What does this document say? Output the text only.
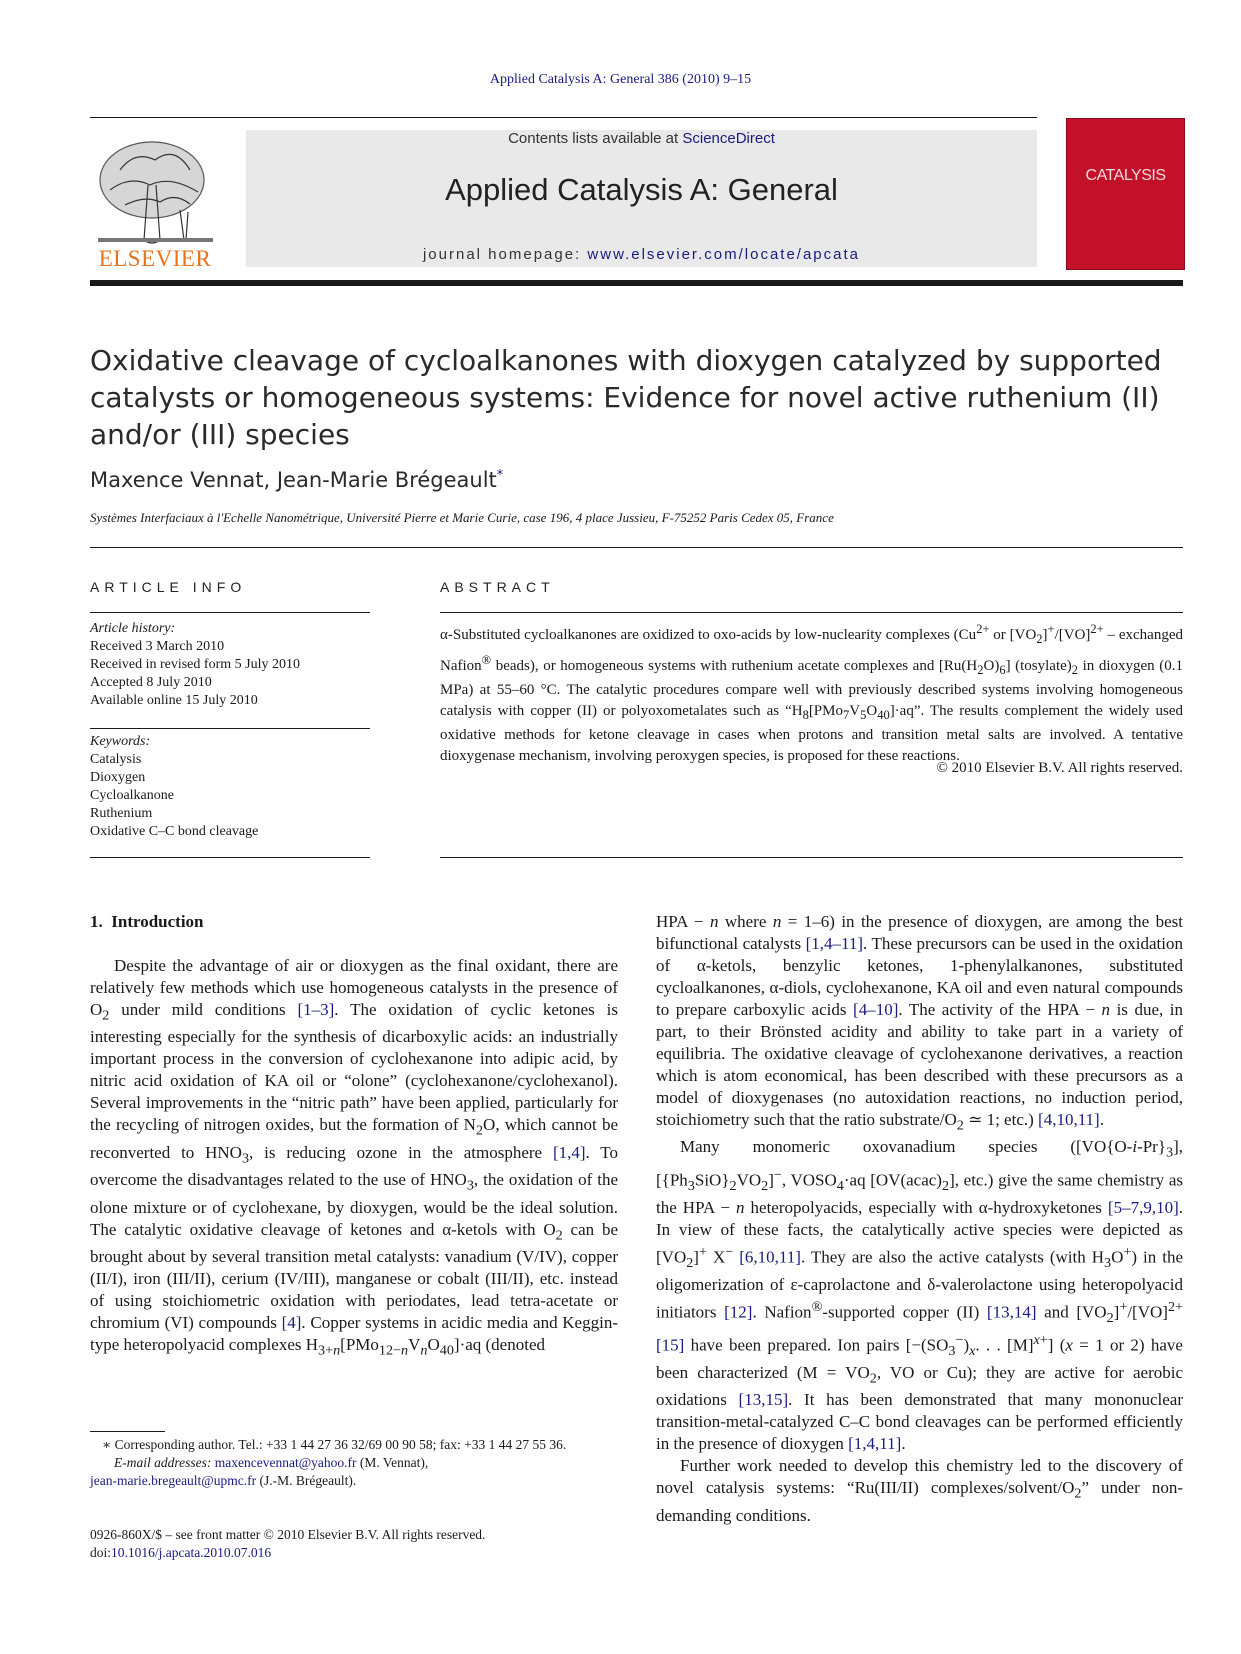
Applied Catalysis A: General 386 (2010) 9–15
ELSEVIER
Contents lists available at ScienceDirect
Applied Catalysis A: General
journal homepage: www.elsevier.com/locate/apcata
CATALYSIS
Oxidative cleavage of cycloalkanones with dioxygen catalyzed by supported catalysts or homogeneous systems: Evidence for novel active ruthenium (II) and/or (III) species
Maxence Vennat, Jean-Marie Brégeault*
Systèmes Interfaciaux à l'Echelle Nanométrique, Université Pierre et Marie Curie, case 196, 4 place Jussieu, F-75252 Paris Cedex 05, France
ARTICLE INFO	ABSTRACT
Article history:
Received 3 March 2010
Received in revised form 5 July 2010
Accepted 8 July 2010
Available online 15 July 2010
Keywords:
Catalysis
Dioxygen
Cycloalkanone
Ruthenium
Oxidative C–C bond cleavage
α-Substituted cycloalkanones are oxidized to oxo-acids by low-nuclearity complexes ($Cu^{2+}$ or $[VO_2]^+/[VO]^{2+}$ – exchanged Nafion® beads), or homogeneous systems with ruthenium acetate complexes and $[Ru(H_2O)_6]$ $(tosylate)_2$ in dioxygen (0.1 MPa) at 55–60 °C. The catalytic procedures compare well with previously described systems involving homogeneous catalysis with copper (II) or polyoxometalates such as “$H_8[PMo_7V_5O_{40}]\cdot aq$”. The results complement the widely used oxidative methods for ketone cleavage in cases when protons and transition metal salts are involved. A tentative dioxygenase mechanism, involving peroxygen species, is proposed for these reactions.
© 2010 Elsevier B.V. All rights reserved.

1. Introduction

Despite the advantage of air or dioxygen as the final oxidant, there are relatively few methods which use homogeneous catalysts in the presence of $O_2$ under mild conditions [1–3]. The oxidation of cyclic ketones is interesting especially for the synthesis of dicarboxylic acids: an industrially important process in the conversion of cyclohexanone into adipic acid, by nitric acid oxidation of KA oil or “olone” (cyclohexanone/cyclohexanol). Several improvements in the “nitric path” have been applied, particularly for the recycling of nitrogen oxides, but the formation of $N_2O$, which cannot be reconverted to $HNO_3$, is reducing ozone in the atmosphere [1,4]. To overcome the disadvantages related to the use of $HNO_3$, the oxidation of the olone mixture or of cyclohexane, by dioxygen, would be the ideal solution. The catalytic oxidative cleavage of ketones and α-ketols with $O_2$ can be brought about by several transition metal catalysts: vanadium (V/IV), copper (II/I), iron (III/II), cerium (IV/III), manganese or cobalt (III/II), etc. instead of using stoichiometric oxidation with periodates, lead tetra-acetate or chromium (VI) compounds [4]. Copper systems in acidic media and Keggin-type heteropolyacid complexes $H_{3+n}[PMo_{12-n}V_nO_{40}]\cdot aq$ (denoted

HPA − n where n = 1–6) in the presence of dioxygen, are among the best bifunctional catalysts [1,4–11]. These precursors can be used in the oxidation of α-ketols, benzylic ketones, 1-phenylalkanones, substituted cycloalkanones, α-diols, cyclohexanone, KA oil and even natural compounds to prepare carboxylic acids [4–10]. The activity of the HPA − n is due, in part, to their Brönsted acidity and ability to take part in a variety of equilibria. The oxidative cleavage of cyclohexanone derivatives, a reaction which is atom economical, has been described with these precursors as a model of dioxygenases (no autoxidation reactions, no induction period, stoichiometry such that the ratio substrate/$O_2$ ≃ 1; etc.) [4,10,11].

Many monomeric oxovanadium species ($[VO\{O-i-Pr\}_3]$, $[\{Ph_3SiO\}_2VO_2]^-$, $VOSO_4\cdot aq$ $[OV(acac)_2]$, etc.) give the same chemistry as the HPA − n heteropolyacids, especially with α-hydroxyketones [5–7,9,10]. In view of these facts, the catalytically active species were depicted as $[VO_2]^+$ X− [6,10,11]. They are also the active catalysts (with $H_3O^+$) in the oligomerization of ε-caprolactone and δ-valerolactone using heteropolyacid initiators [12]. Nafion®-supported copper (II) [13,14] and $[VO_2]^+/[VO]^{2+}$ [15] have been prepared. Ion pairs [$-(SO_3^-)_x$. . . $[M]^{x+}$] (x = 1 or 2) have been characterized ($M = VO_2$, VO or Cu); they are active for aerobic oxidations [13,15]. It has been demonstrated that many mononuclear transition-metal-catalyzed C–C bond cleavages can be performed efficiently in the presence of dioxygen [1,4,11].

Further work needed to develop this chemistry led to the discovery of novel catalysis systems: “Ru(III/II) complexes/$solvent/O_2$” under non-demanding conditions.

∗ Corresponding author. Tel.: +33 1 44 27 36 32/69 00 90 58; fax: +33 1 44 27 55 36.
E-mail addresses: maxencevennat@yahoo.fr (M. Vennat),
jean-marie.bregeault@upmc.fr (J.-M. Brégeault).
0926-860X/$ – see front matter © 2010 Elsevier B.V. All rights reserved.
doi:10.1016/j.apcata.2010.07.016
